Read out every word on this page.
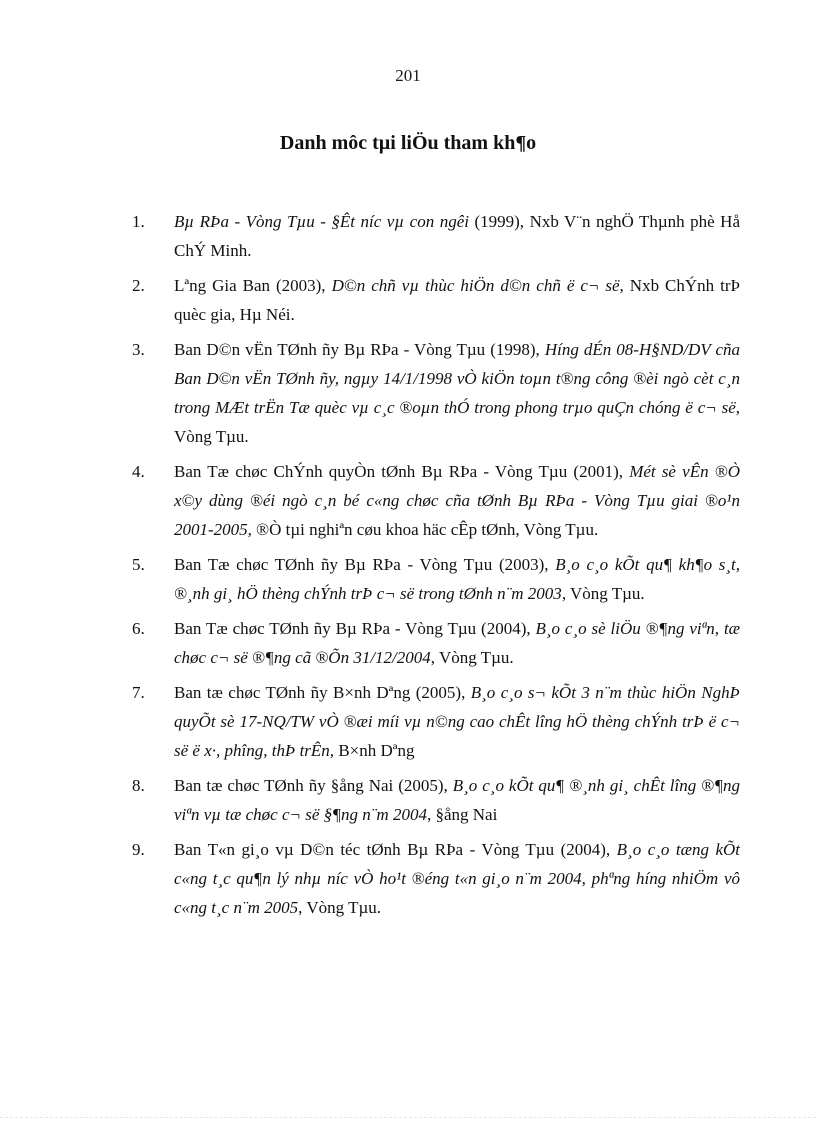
201
Danh môc tµi liÖu tham kh¶o
1. Bµ RÞa - Vòng Tµu - §Êt níc vµ con ngêi (1999), Nxb V¨n nghÖ Thµnh phè Hå ChÝ Minh.
2. Lªng Gia Ban (2003), D©n chñ vµ thùc hiÖn d©n chñ ë c¬ së, Nxb ChÝnh trÞ quèc gia, Hµ Néi.
3. Ban D©n vËn TØnh ñy Bµ RÞa - Vòng Tµu (1998), Híng dÉn 08-H§ND/DV cña Ban D©n vËn TØnh ñy, ngµy 14/1/1998 vÒ kiÖn toµn t®ng công ®èi ngò cèt c¸n trong MÆt trËn Tæ quèc vµ c¸c ®oµn thÓ trong phong trµo quÇn chóng ë c¬ së, Vòng Tµu.
4. Ban Tæ chøc ChÝnh quyÒn tØnh Bµ RÞa - Vòng Tµu (2001), Mét sè vÊn ®Ò x©y dùng ®éi ngò c¸n bé c«ng chøc cña tØnh Bµ RÞa - Vòng Tµu giai ®o¹n 2001-2005, ®Ò tµi nghiªn cøu khoa häc cÊp tØnh, Vòng Tµu.
5. Ban Tæ chøc TØnh ñy Bµ RÞa - Vòng Tµu (2003), B¸o c¸o kÕt qu¶ kh¶o s¸t, ®¸nh gi¸ hÖ thèng chÝnh trÞ c¬ së trong tØnh n¨m 2003, Vòng Tµu.
6. Ban Tæ chøc TØnh ñy Bµ RÞa - Vòng Tµu (2004), B¸o c¸o sè liÖu ®¶ng viªn, tæ chøc c¬ së ®¶ng cã ®Õn 31/12/2004, Vòng Tµu.
7. Ban tæ chøc TØnh ñy B×nh Dªng (2005), B¸o c¸o s¬ kÕt 3 n¨m thùc hiÖn NghÞ quyÕt sè 17-NQ/TW vÒ ®æi míi vµ n©ng cao chÊt lîng hÖ thèng chÝnh trÞ ë c¬ së ë x·, phîng, thÞ trÊn, B×nh Dªng
8. Ban tæ chøc TØnh ñy §ång Nai (2005), B¸o c¸o kÕt qu¶ ®¸nh gi¸ chÊt lîng ®¶ng viªn vµ tæ chøc c¬ së §¶ng n¨m 2004, §ång Nai
9. Ban T«n gi¸o vµ D©n téc tØnh Bµ RÞa - Vòng Tµu (2004), B¸o c¸o tæng kÕt c«ng t¸c qu¶n lý nhµ níc vÒ ho¹t ®éng t«n gi¸o n¨m 2004, phªng híng nhiÖm vô c«ng t¸c n¨m 2005, Vòng Tµu.
